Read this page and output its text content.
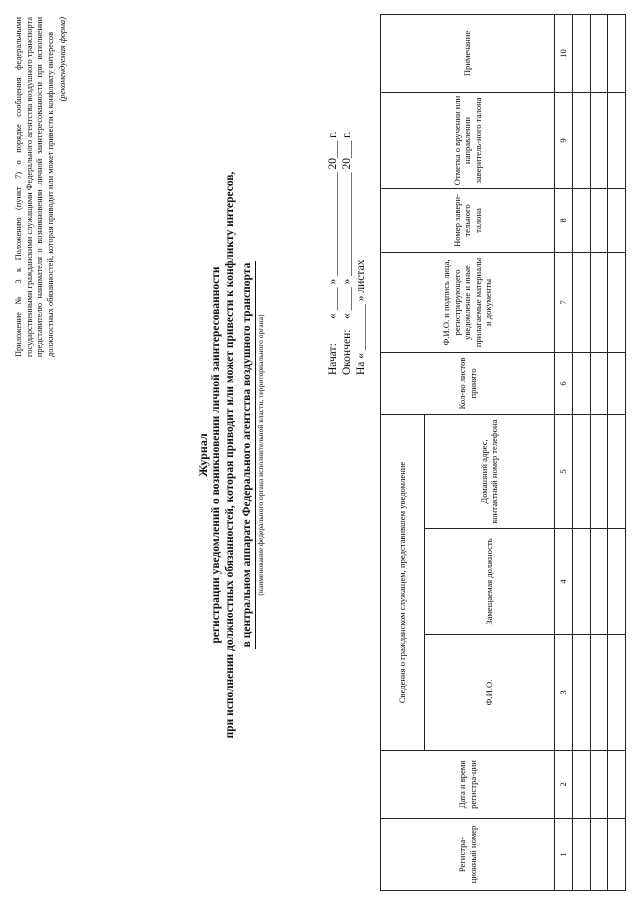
Приложение № 3 к Положению (пункт 7) о порядке сообщения федеральными государственными гражданскими служащими Федерального агентства воздушного транспорта представителю нанимателя о возникновении личной заинтересованности при исполнении должностных обязанностей, которая приводит или может привести к конфликту интересов (рекомендуемая форма)
Журнал регистрации уведомлений о возникновении личной заинтересованности при исполнении должностных обязанностей, которая приводит или может привести к конфликту интересов, в центральном аппарате Федерального агентства воздушного транспорта (наименование федерального органа исполнительной власти, территориального органа)	Начат:« ____ » __________________ 20___ г.
Окончен:« ____ » __________________ 20___ г. На « ________ » листах
Регистра-ционный номер	Дата и время регистра-ции	Сведения о гражданском служащем, представившем уведомление			Кол-во листов принято	Ф.И.О. и подпись лица, регистрирующего уведомление и иные прилагаемые материалы и документы	Номер завери-тельного талона	Отметка о вручении или направлении заверитель-ного талона	Примечание
		Ф.И.О.	Замещаемая должность	Домашний адрес, контактный номер телефона					
1	2	3	4	5	6	7	8	9	10
